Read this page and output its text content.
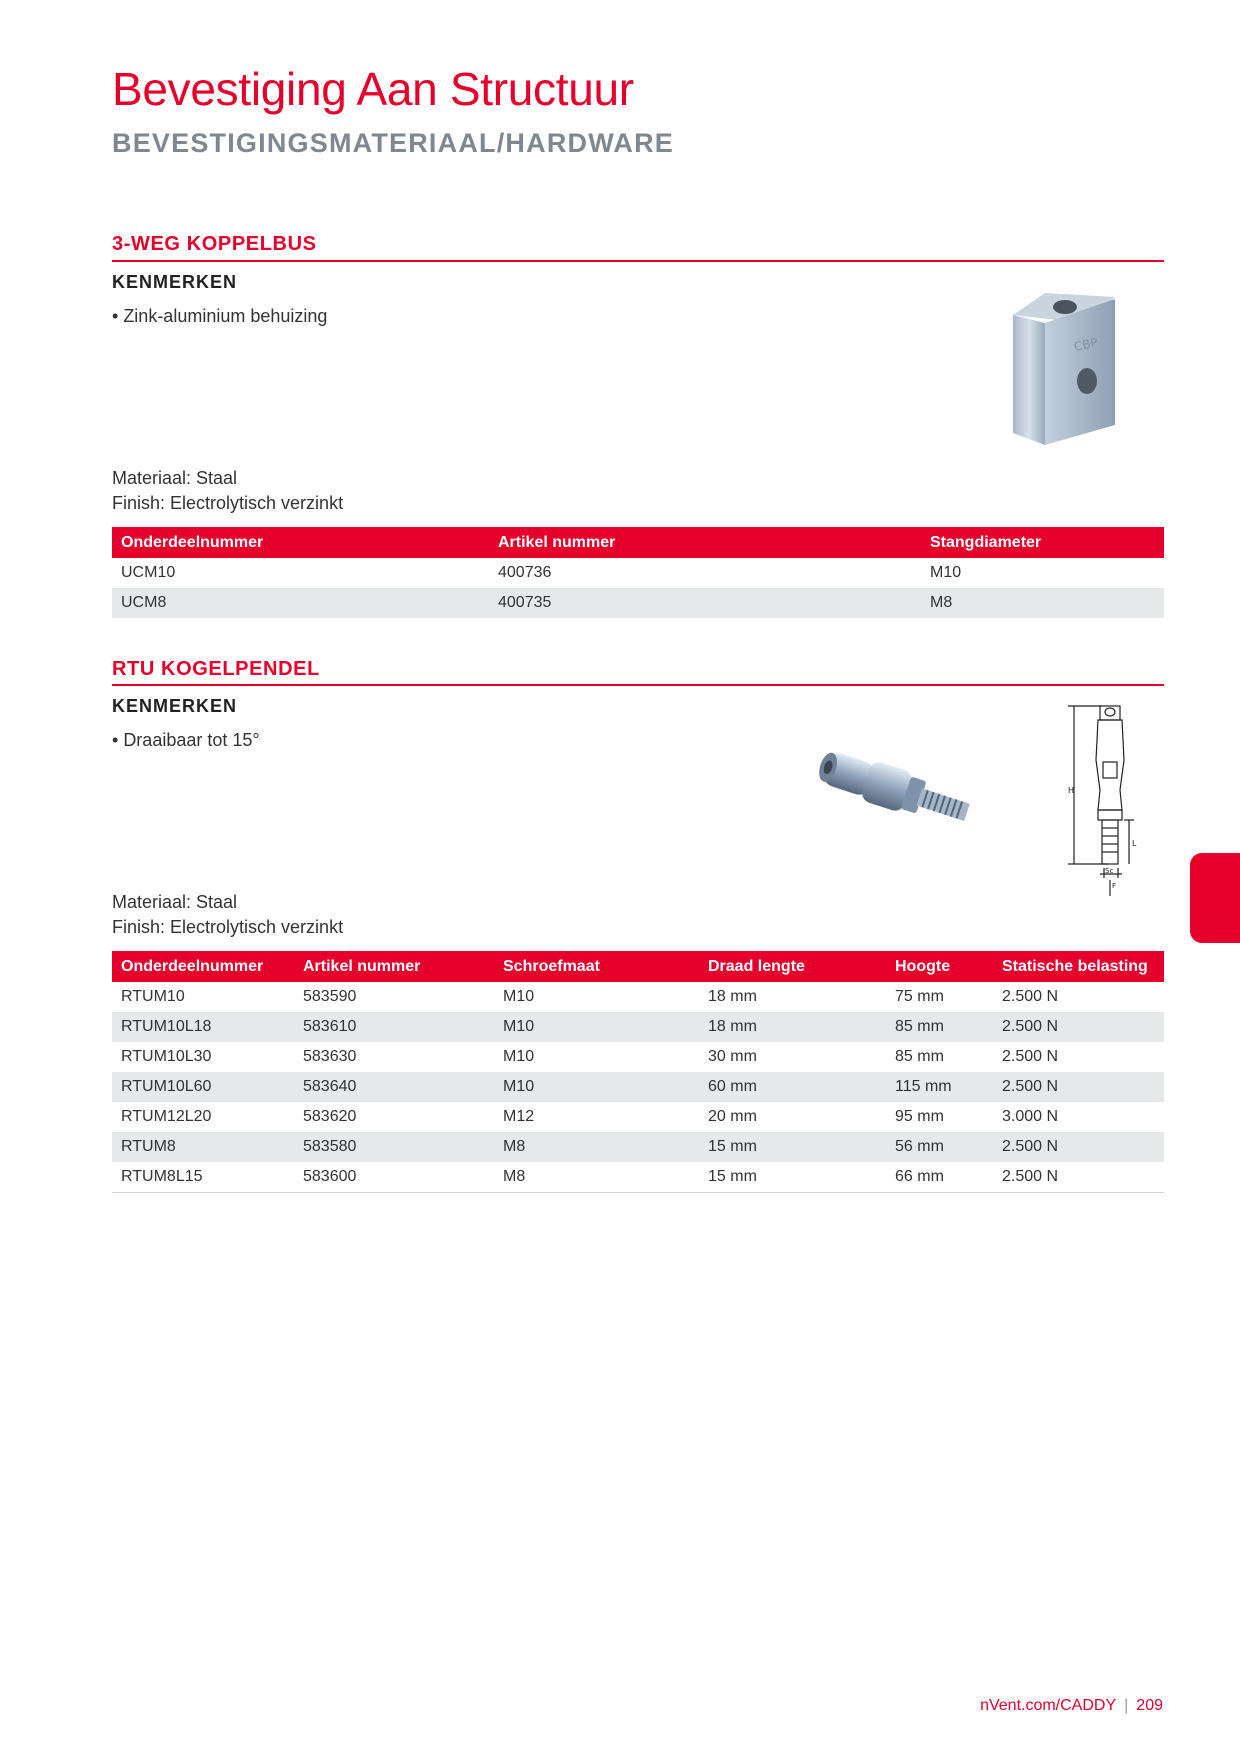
Bevestiging Aan Structuur
BEVESTIGINGSMATERIAAL/HARDWARE
3-WEG KOPPELBUS
KENMERKEN
• Zink-aluminium behuizing
CBP
Materiaal: Staal
Finish: Electrolytisch verzinkt
Onderdeelnummer	Artikel nummer	Stangdiameter
UCM10	400736	M10
UCM8	400735	M8
RTU KOGELPENDEL
KENMERKEN
• Draaibaar tot 15°
H
L
Sc
F
Materiaal: Staal
Finish: Electrolytisch verzinkt
Onderdeelnummer	Artikel nummer	Schroefmaat	Draad lengte	Hoogte	Statische belasting
RTUM10	583590	M10	18 mm	75 mm	2.500 N
RTUM10L18	583610	M10	18 mm	85 mm	2.500 N
RTUM10L30	583630	M10	30 mm	85 mm	2.500 N
RTUM10L60	583640	M10	60 mm	115 mm	2.500 N
RTUM12L20	583620	M12	20 mm	95 mm	3.000 N
RTUM8	583580	M8	15 mm	56 mm	2.500 N
RTUM8L15	583600	M8	15 mm	66 mm	2.500 N
nVent.com/CADDY | 209
